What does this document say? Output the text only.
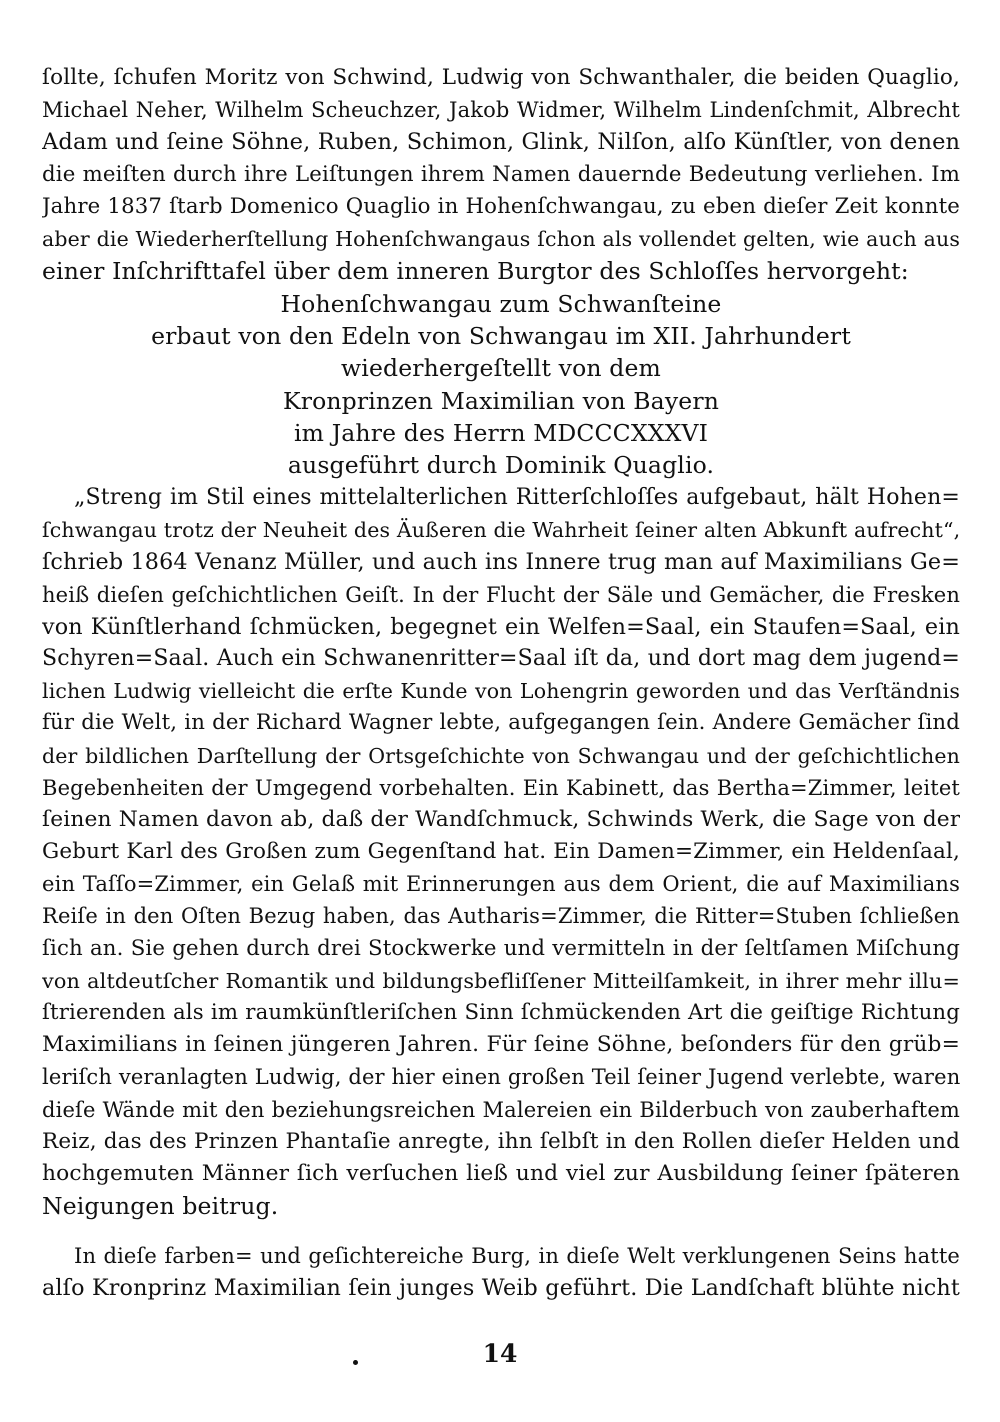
ſollte, ſchufen Moritz von Schwind, Ludwig von Schwanthaler, die beiden Quaglio,
Michael Neher, Wilhelm Scheuchzer, Jakob Widmer, Wilhelm Lindenſchmit, Albrecht
Adam und ſeine Söhne, Ruben, Schimon, Glink, Nilſon, alſo Künſtler, von denen
die meiſten durch ihre Leiſtungen ihrem Namen dauernde Bedeutung verliehen. Im
Jahre 1837 ſtarb Domenico Quaglio in Hohenſchwangau, zu eben dieſer Zeit konnte
aber die Wiederherſtellung Hohenſchwangaus ſchon als vollendet gelten, wie auch aus
einer Inſchrifttafel über dem inneren Burgtor des Schloſſes hervorgeht:
Hohenſchwangau zum Schwanſteine
erbaut von den Edeln von Schwangau im XII. Jahrhundert
wiederhergeſtellt von dem
Kronprinzen Maximilian von Bayern
im Jahre des Herrn MDCCCXXXVI
ausgeführt durch Dominik Quaglio.
„Streng im Stil eines mittelalterlichen Ritterſchloſſes aufgebaut, hält Hohen=
ſchwangau trotz der Neuheit des Äußeren die Wahrheit ſeiner alten Abkunft aufrecht“,
ſchrieb 1864 Venanz Müller, und auch ins Innere trug man auf Maximilians Ge=
heiß dieſen geſchichtlichen Geiſt. In der Flucht der Säle und Gemächer, die Fresken
von Künſtlerhand ſchmücken, begegnet ein Welfen=Saal, ein Staufen=Saal, ein
Schyren=Saal. Auch ein Schwanenritter=Saal iſt da, und dort mag dem jugend=
lichen Ludwig vielleicht die erſte Kunde von Lohengrin geworden und das Verſtändnis
für die Welt, in der Richard Wagner lebte, aufgegangen ſein. Andere Gemächer ſind
der bildlichen Darſtellung der Ortsgeſchichte von Schwangau und der geſchichtlichen
Begebenheiten der Umgegend vorbehalten. Ein Kabinett, das Bertha=Zimmer, leitet
ſeinen Namen davon ab, daß der Wandſchmuck, Schwinds Werk, die Sage von der
Geburt Karl des Großen zum Gegenſtand hat. Ein Damen=Zimmer, ein Heldenſaal,
ein Taſſo=Zimmer, ein Gelaß mit Erinnerungen aus dem Orient, die auf Maximilians
Reiſe in den Oſten Bezug haben, das Autharis=Zimmer, die Ritter=Stuben ſchließen
ſich an. Sie gehen durch drei Stockwerke und vermitteln in der ſeltſamen Miſchung
von altdeutſcher Romantik und bildungsbefliſſener Mitteilſamkeit, in ihrer mehr illu=
ſtrierenden als im raumkünſtleriſchen Sinn ſchmückenden Art die geiſtige Richtung
Maximilians in ſeinen jüngeren Jahren. Für ſeine Söhne, beſonders für den grüb=
leriſch veranlagten Ludwig, der hier einen großen Teil ſeiner Jugend verlebte, waren
dieſe Wände mit den beziehungsreichen Malereien ein Bilderbuch von zauberhaftem
Reiz, das des Prinzen Phantaſie anregte, ihn ſelbſt in den Rollen dieſer Helden und
hochgemuten Männer ſich verſuchen ließ und viel zur Ausbildung ſeiner ſpäteren
Neigungen beitrug.
In dieſe farben= und geſichtereiche Burg, in dieſe Welt verklungenen Seins hatte
alſo Kronprinz Maximilian ſein junges Weib geführt. Die Landſchaft blühte nicht
14
